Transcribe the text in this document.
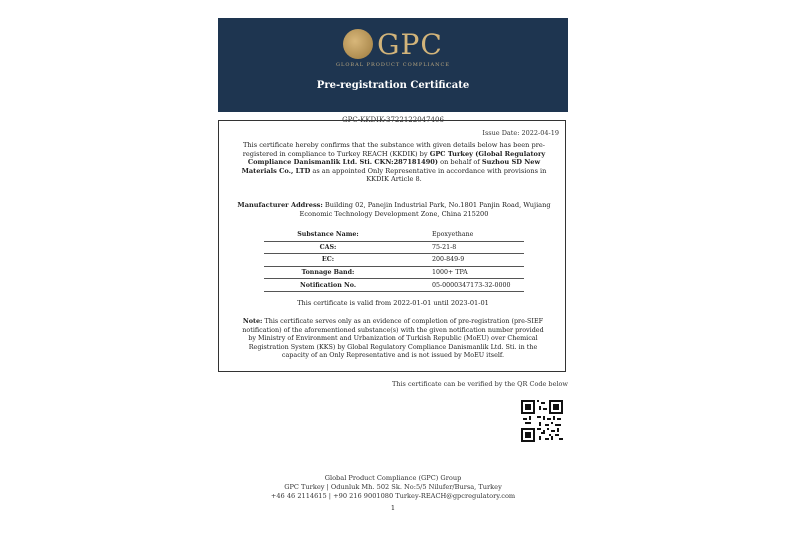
GPC
GLOBAL PRODUCT COMPLIANCE
Pre-registration Certificate
GPC-KKDIK-3722122047406
Issue Date: 2022-04-19
This certificate hereby confirms that the substance with given details below has been pre-registered in compliance to Turkey REACH (KKDIK) by GPC Turkey (Global Regulatory Compliance Danismanlik Ltd. Sti. CKN:287181490) on behalf of Suzhou SD New Materials Co., LTD as an appointed Only Representative in accordance with provisions in KKDIK Article 8.
Manufacturer Address: Building 02, Panejin Industrial Park, No.1801 Panjin Road, Wujiang Economic Technology Development Zone, China 215200
Substance Name:	Epoxyethane
CAS:	75-21-8
EC:	200-849-9
Tonnage Band:	1000+ TPA
Notification No.	05-0000347173-32-0000
This certificate is valid from 2022-01-01 until 2023-01-01
Note: This certificate serves only as an evidence of completion of pre-registration (pre-SIEF notification) of the aforementioned substance(s) with the given notification number provided by Ministry of Environment and Urbanization of Turkish Republic (MoEU) over Chemical Registration System (KKS) by Global Regulatory Compliance Danismanlik Ltd. Sti. in the capacity of an Only Representative and is not issued by MoEU itself.
This certificate can be verified by the QR Code below
Global Product Compliance (GPC) Group
GPC Turkey | Odunluk Mh. 502 Sk. No:5/5 Nilufer/Bursa, Turkey
+46 46 2114615 | +90 216 9001080 Turkey-REACH@gpcregulatory.com
1
